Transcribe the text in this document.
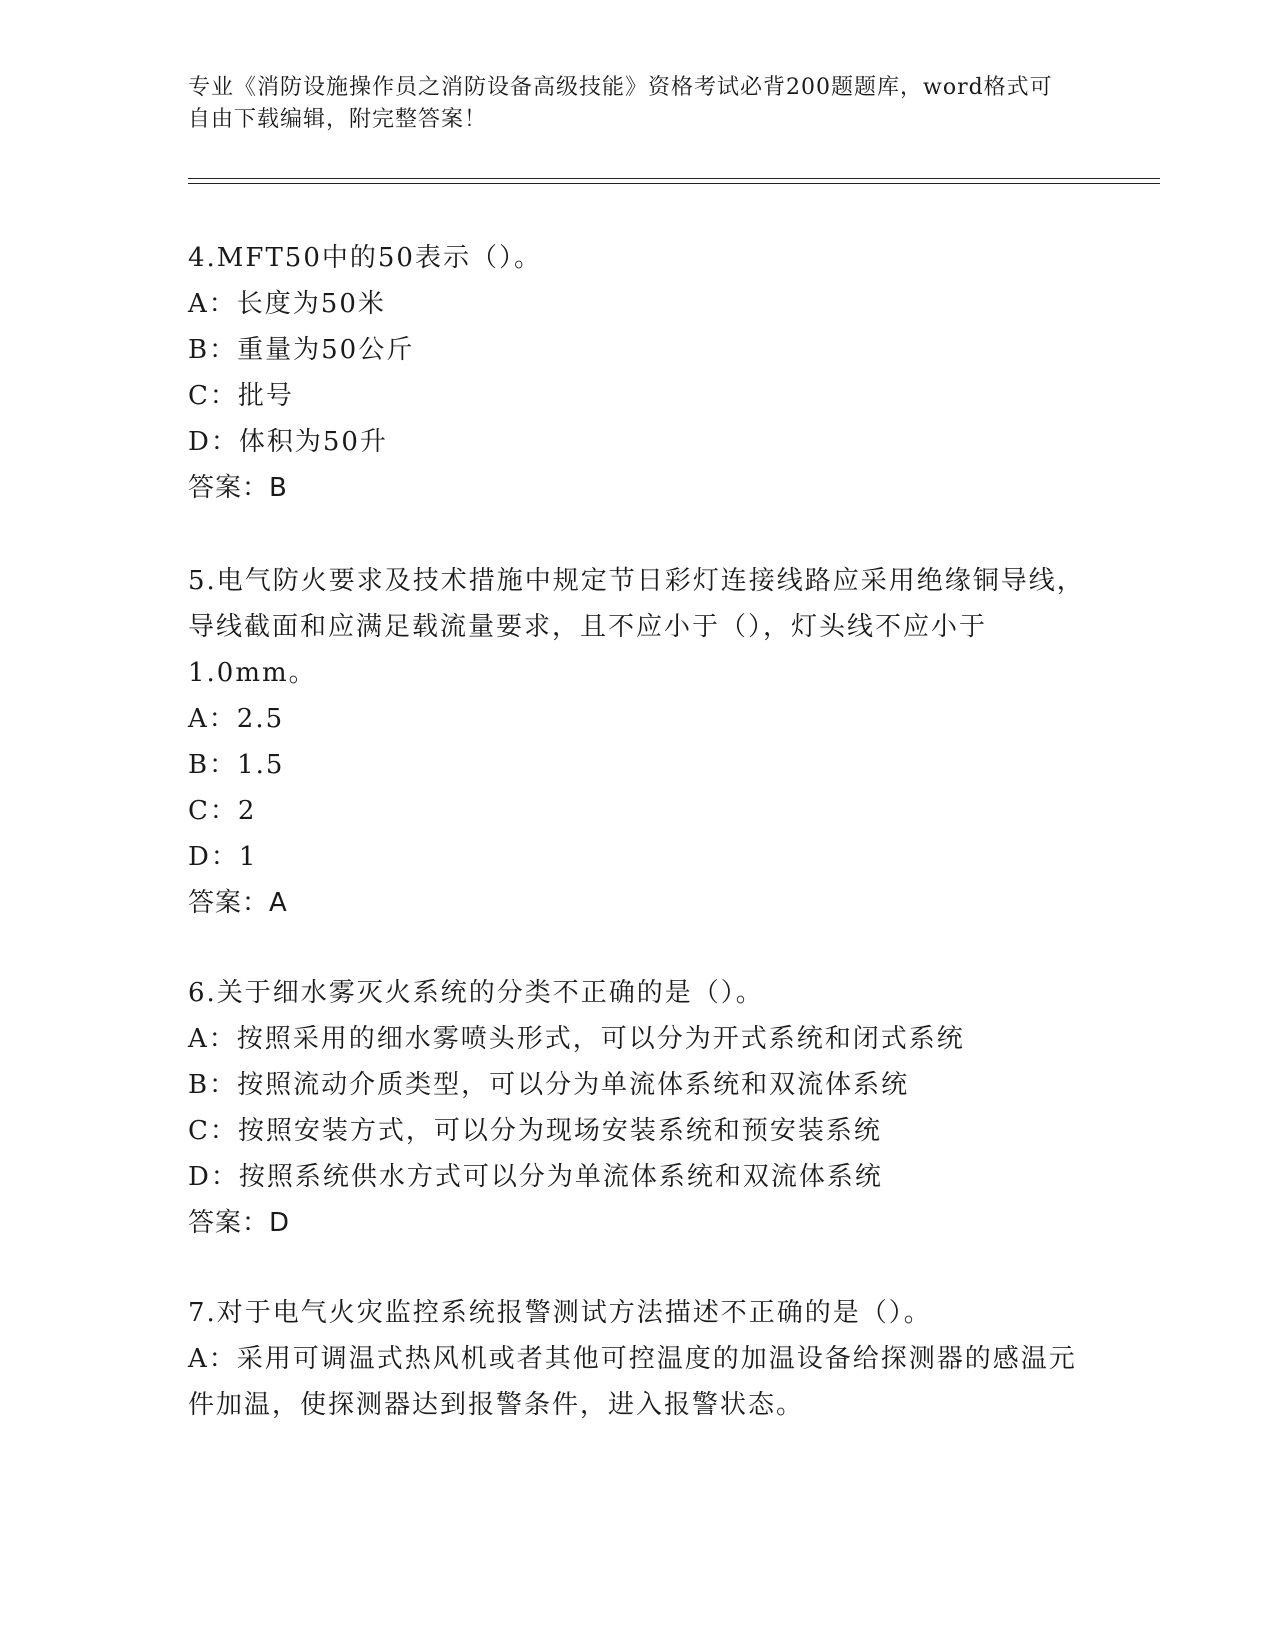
专业《消防设施操作员之消防设备高级技能》资格考试必背200题题库，word格式可自由下载编辑，附完整答案！

4.MFT50中的50表示（）。

A：长度为50米

B：重量为50公斤

C：批号

D：体积为50升

答案：B

5.电气防火要求及技术措施中规定节日彩灯连接线路应采用绝缘铜导线，导线截面和应满足载流量要求，且不应小于（），灯头线不应小于1.0mm。

A：2.5

B：1.5

C：2

D：1

答案：A

6.关于细水雾灭火系统的分类不正确的是（）。

A：按照采用的细水雾喷头形式，可以分为开式系统和闭式系统

B：按照流动介质类型，可以分为单流体系统和双流体系统

C：按照安装方式，可以分为现场安装系统和预安装系统

D：按照系统供水方式可以分为单流体系统和双流体系统

答案：D

7.对于电气火灾监控系统报警测试方法描述不正确的是（）。

A：采用可调温式热风机或者其他可控温度的加温设备给探测器的感温元件加温，使探测器达到报警条件，进入报警状态。
